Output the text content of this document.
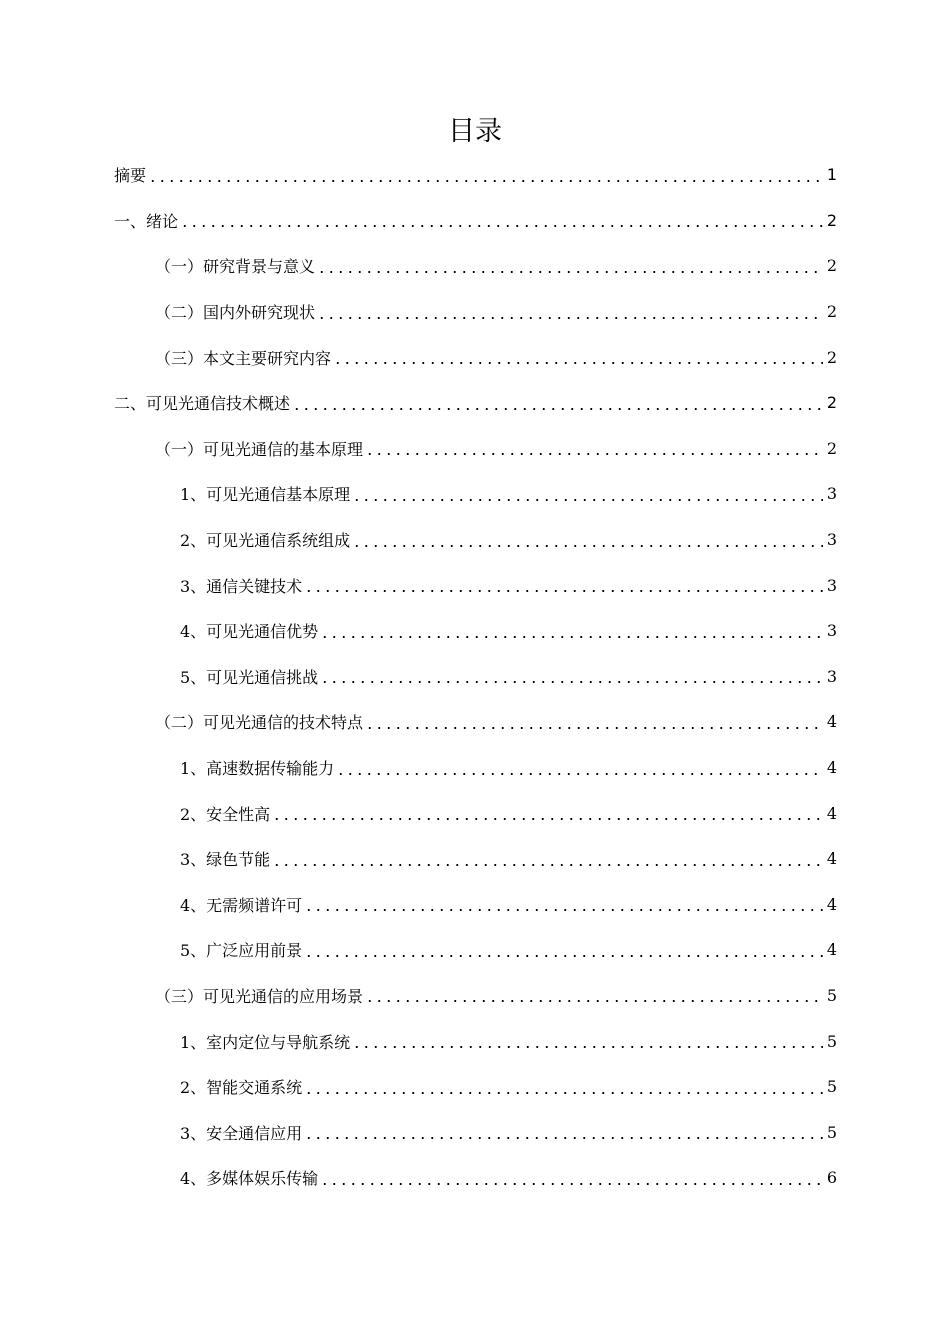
目录
摘要	1
一、绪论	2
（一）研究背景与意义	2
（二）国内外研究现状	2
（三）本文主要研究内容	2
二、可见光通信技术概述	2
（一）可见光通信的基本原理	2
1、可见光通信基本原理	3
2、可见光通信系统组成	3
3、通信关键技术	3
4、可见光通信优势	3
5、可见光通信挑战	3
（二）可见光通信的技术特点	4
1、高速数据传输能力	4
2、安全性高	4
3、绿色节能	4
4、无需频谱许可	4
5、广泛应用前景	4
（三）可见光通信的应用场景	5
1、室内定位与导航系统	5
2、智能交通系统	5
3、安全通信应用	5
4、多媒体娱乐传输	6
